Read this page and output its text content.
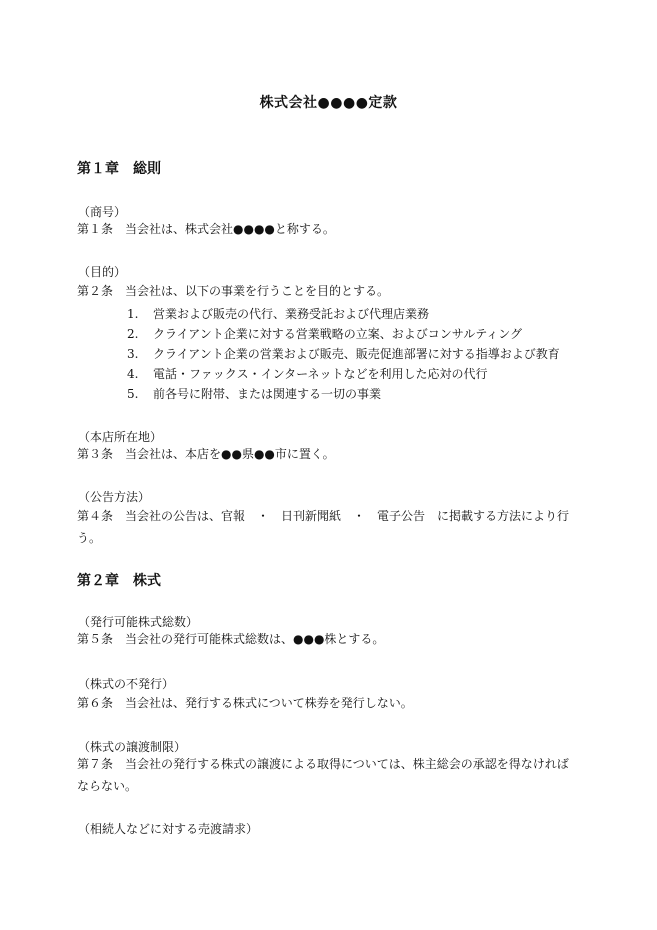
株式会社●●●●定款
第１章　総則
（商号）
第１条 当会社は、株式会社●●●●と称する。
（目的）
第２条 当会社は、以下の事業を行うことを目的とする。
1. 営業および販売の代行、業務受託および代理店業務
2. クライアント企業に対する営業戦略の立案、およびコンサルティング
3. クライアント企業の営業および販売、販売促進部署に対する指導および教育
4. 電話・ファックス・インターネットなどを利用した応対の代行
5. 前各号に附帯、または関連する一切の事業
（本店所在地）
第３条 当会社は、本店を●●県●●市に置く。
（公告方法）
第４条 当会社の公告は、官報　・　日刊新聞紙　・　電子公告　に掲載する方法により行う。
第２章　株式
（発行可能株式総数）
第５条 当会社の発行可能株式総数は、●●●株とする。
（株式の不発行）
第６条 当会社は、発行する株式について株券を発行しない。
（株式の譲渡制限）
第７条 当会社の発行する株式の譲渡による取得については、株主総会の承認を得なければならない。
（相続人などに対する売渡請求）
